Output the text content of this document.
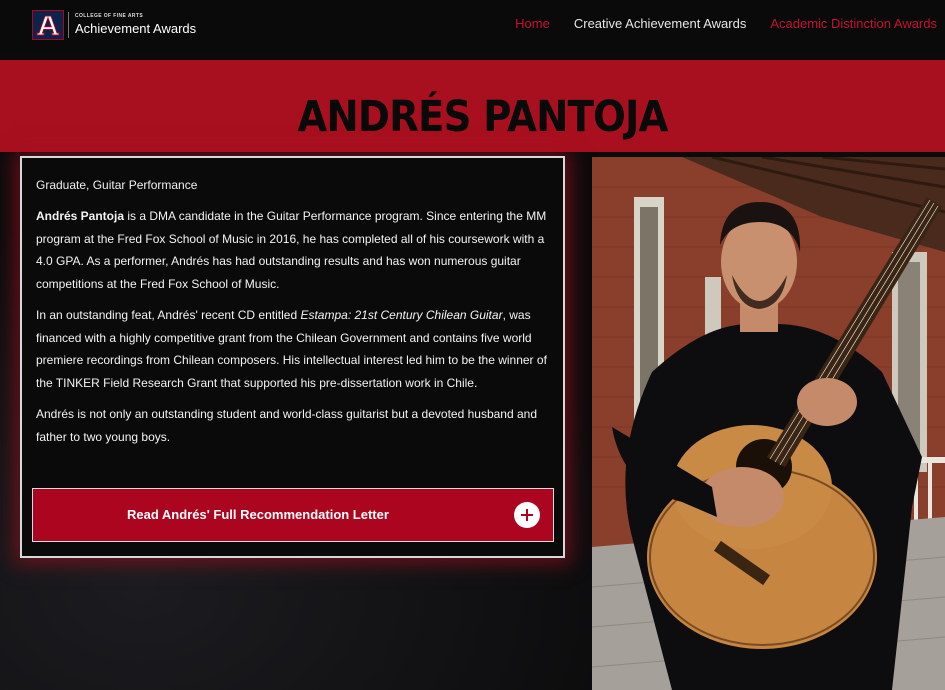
COLLEGE OF FINE ARTS
Achievement Awards	Home Creative Achievement Awards Academic Distinction Awards
ANDRÉS PANTOJA
Graduate, Guitar Performance

Andrés Pantoja is a DMA candidate in the Guitar Performance program. Since entering the MM program at the Fred Fox School of Music in 2016, he has completed all of his coursework with a 4.0 GPA. As a performer, Andrés has had outstanding results and has won numerous guitar competitions at the Fred Fox School of Music.

In an outstanding feat, Andrés' recent CD entitled Estampa: 21st Century Chilean Guitar, was financed with a highly competitive grant from the Chilean Government and contains five world premiere recordings from Chilean composers. His intellectual interest led him to be the winner of the TINKER Field Research Grant that supported his pre-dissertation work in Chile.

Andrés is not only an outstanding student and world-class guitarist but a devoted husband and father to two young boys.

Read Andrés' Full Recommendation Letter
